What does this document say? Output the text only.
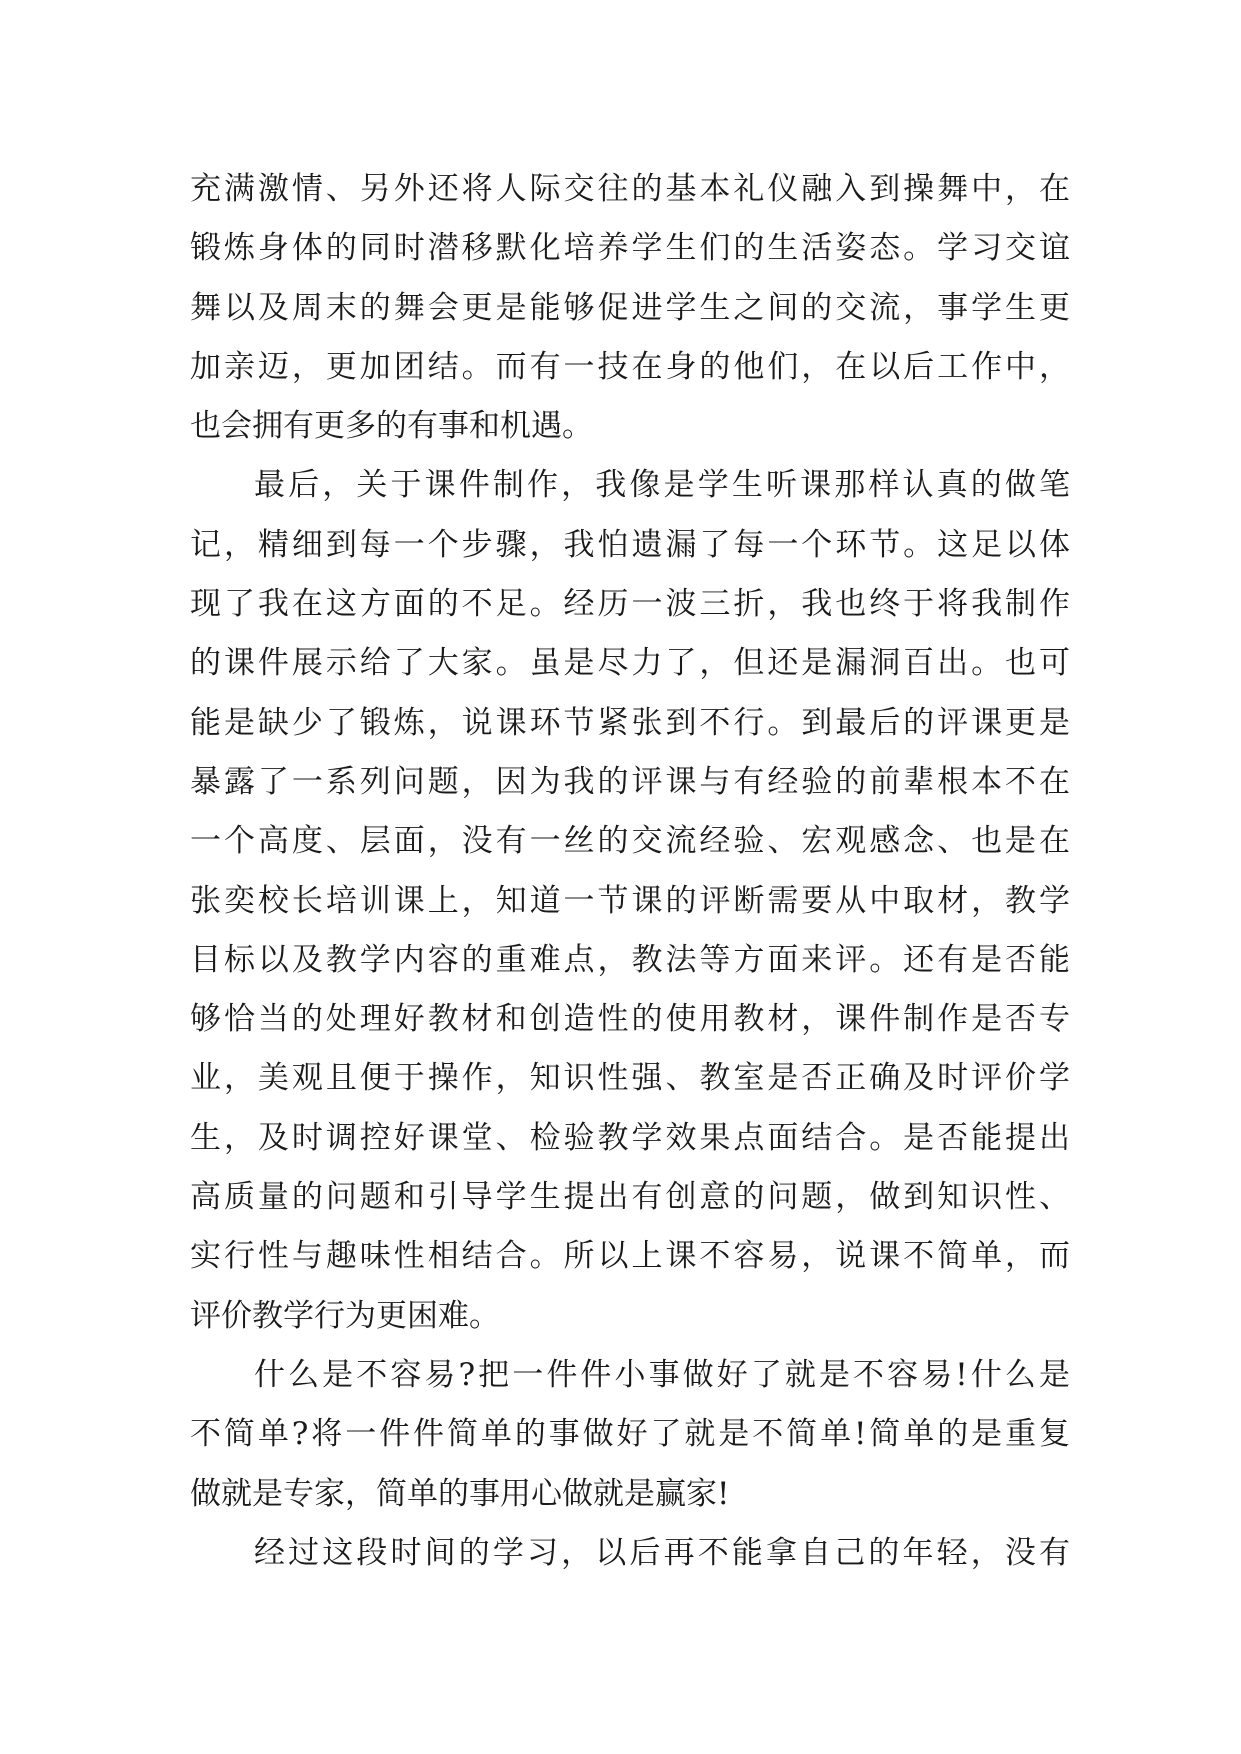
充满激情、另外还将人际交往的基本礼仪融入到操舞中，在
锻炼身体的同时潜移默化培养学生们的生活姿态。学习交谊
舞以及周末的舞会更是能够促进学生之间的交流，事学生更
加亲迈，更加团结。而有一技在身的他们，在以后工作中，
也会拥有更多的有事和机遇。
最后，关于课件制作，我像是学生听课那样认真的做笔
记，精细到每一个步骤，我怕遗漏了每一个环节。这足以体
现了我在这方面的不足。经历一波三折，我也终于将我制作
的课件展示给了大家。虽是尽力了，但还是漏洞百出。也可
能是缺少了锻炼，说课环节紧张到不行。到最后的评课更是
暴露了一系列问题，因为我的评课与有经验的前辈根本不在
一个高度、层面，没有一丝的交流经验、宏观感念、也是在
张奕校长培训课上，知道一节课的评断需要从中取材，教学
目标以及教学内容的重难点，教法等方面来评。还有是否能
够恰当的处理好教材和创造性的使用教材，课件制作是否专
业，美观且便于操作，知识性强、教室是否正确及时评价学
生，及时调控好课堂、检验教学效果点面结合。是否能提出
高质量的问题和引导学生提出有创意的问题，做到知识性、
实行性与趣味性相结合。所以上课不容易，说课不简单，而
评价教学行为更困难。
什么是不容易?把一件件小事做好了就是不容易!什么是
不简单?将一件件简单的事做好了就是不简单!简单的是重复
做就是专家，简单的事用心做就是赢家!
经过这段时间的学习，以后再不能拿自己的年轻，没有
